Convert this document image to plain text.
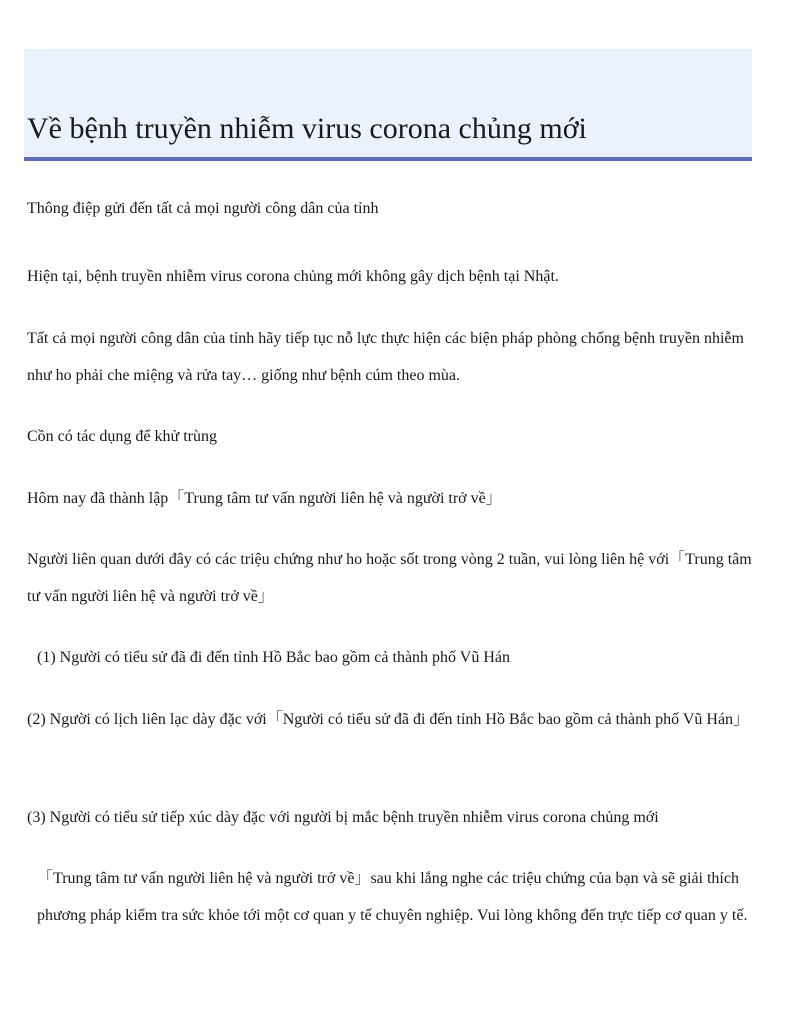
Về bệnh truyền nhiễm virus corona chủng mới

Thông điệp gửi đến tất cả mọi người công dân của tỉnh

Hiện tại, bệnh truyền nhiễm virus corona chủng mới không gây dịch bệnh tại Nhật.

Tất cả mọi người công dân của tỉnh hãy tiếp tục nỗ lực thực hiện các biện pháp phòng chống bệnh truyền nhiễm như ho phải che miệng và rửa tay… giống như bệnh cúm theo mùa.

Cồn có tác dụng để khử trùng

Hôm nay đã thành lập「Trung tâm tư vấn người liên hệ và người trở về」

Người liên quan dưới đây có các triệu chứng như ho hoặc sốt trong vòng 2 tuần, vui lòng liên hệ với「Trung tâm tư vấn người liên hệ và người trở về」

(1) Người có tiểu sử đã đi đến tỉnh Hồ Bắc bao gồm cả thành phố Vũ Hán

(2) Người có lịch liên lạc dày đặc với「Người có tiểu sử đã đi đến tỉnh Hồ Bắc bao gồm cả thành phố Vũ Hán」

(3) Người có tiểu sử tiếp xúc dày đặc với người bị mắc bệnh truyền nhiễm virus corona chủng mới

「Trung tâm tư vấn người liên hệ và người trở về」sau khi lắng nghe các triệu chứng của bạn và sẽ giải thích phương pháp kiểm tra sức khỏe tới một cơ quan y tế chuyên nghiệp. Vui lòng không đến trực tiếp cơ quan y tế.
